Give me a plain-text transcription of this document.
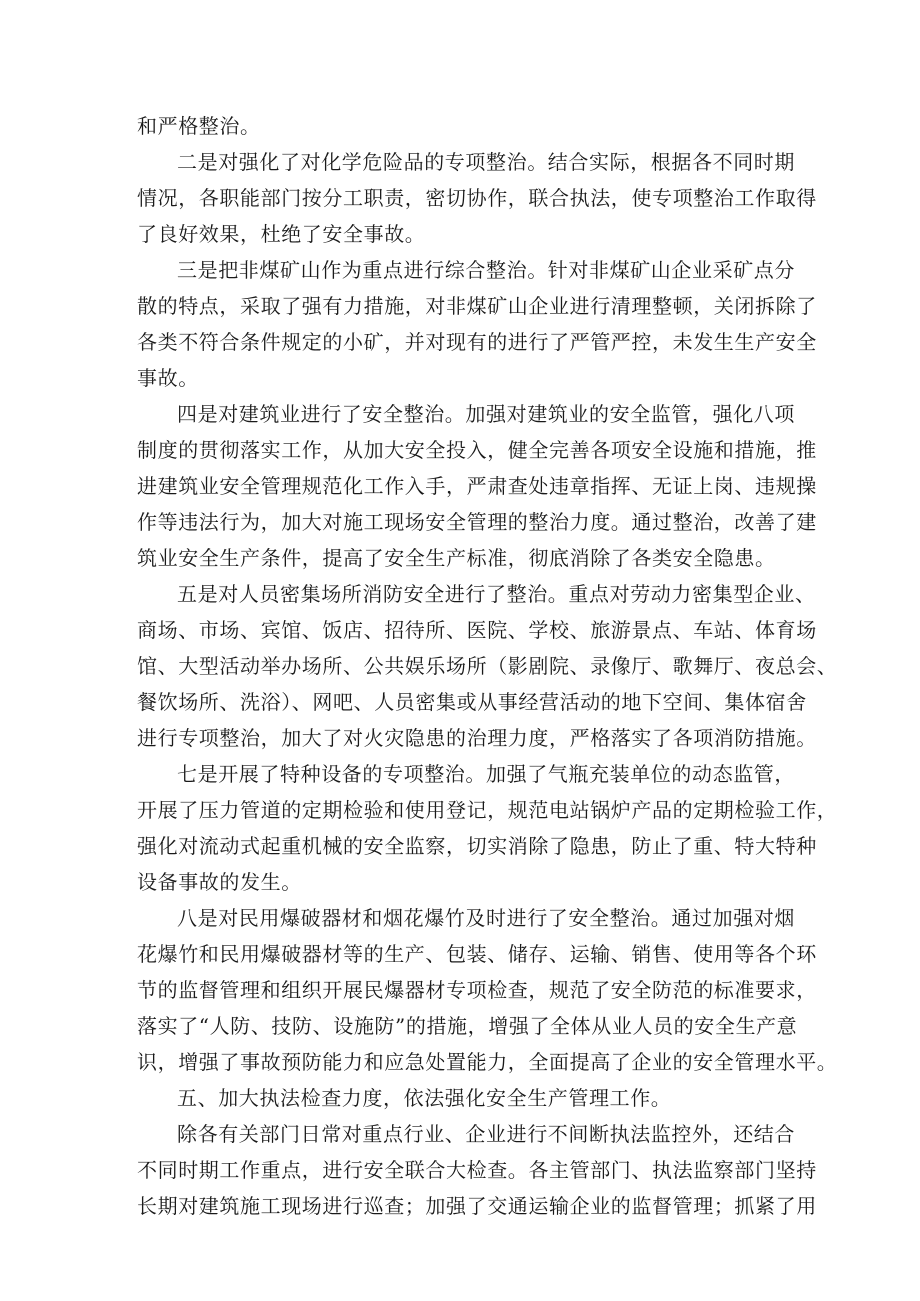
和严格整治。
二是对强化了对化学危险品的专项整治。结合实际，根据各不同时期
情况，各职能部门按分工职责，密切协作，联合执法，使专项整治工作取得
了良好效果，杜绝了安全事故。
三是把非煤矿山作为重点进行综合整治。针对非煤矿山企业采矿点分
散的特点，采取了强有力措施，对非煤矿山企业进行清理整顿，关闭拆除了
各类不符合条件规定的小矿，并对现有的进行了严管严控，未发生生产安全
事故。
四是对建筑业进行了安全整治。加强对建筑业的安全监管，强化八项
制度的贯彻落实工作，从加大安全投入，健全完善各项安全设施和措施，推
进建筑业安全管理规范化工作入手，严肃查处违章指挥、无证上岗、违规操
作等违法行为，加大对施工现场安全管理的整治力度。通过整治，改善了建
筑业安全生产条件，提高了安全生产标准，彻底消除了各类安全隐患。
五是对人员密集场所消防安全进行了整治。重点对劳动力密集型企业、
商场、市场、宾馆、饭店、招待所、医院、学校、旅游景点、车站、体育场
馆、大型活动举办场所、公共娱乐场所（影剧院、录像厅、歌舞厅、夜总会、
餐饮场所、洗浴）、网吧、人员密集或从事经营活动的地下空间、集体宿舍
进行专项整治，加大了对火灾隐患的治理力度，严格落实了各项消防措施。
七是开展了特种设备的专项整治。加强了气瓶充装单位的动态监管，
开展了压力管道的定期检验和使用登记，规范电站锅炉产品的定期检验工作，
强化对流动式起重机械的安全监察，切实消除了隐患，防止了重、特大特种
设备事故的发生。
八是对民用爆破器材和烟花爆竹及时进行了安全整治。通过加强对烟
花爆竹和民用爆破器材等的生产、包装、储存、运输、销售、使用等各个环
节的监督管理和组织开展民爆器材专项检查，规范了安全防范的标准要求，
落实了“人防、技防、设施防”的措施，增强了全体从业人员的安全生产意
识，增强了事故预防能力和应急处置能力，全面提高了企业的安全管理水平。
五、加大执法检查力度，依法强化安全生产管理工作。
除各有关部门日常对重点行业、企业进行不间断执法监控外，还结合
不同时期工作重点，进行安全联合大检查。各主管部门、执法监察部门坚持
长期对建筑施工现场进行巡查；加强了交通运输企业的监督管理；抓紧了用
